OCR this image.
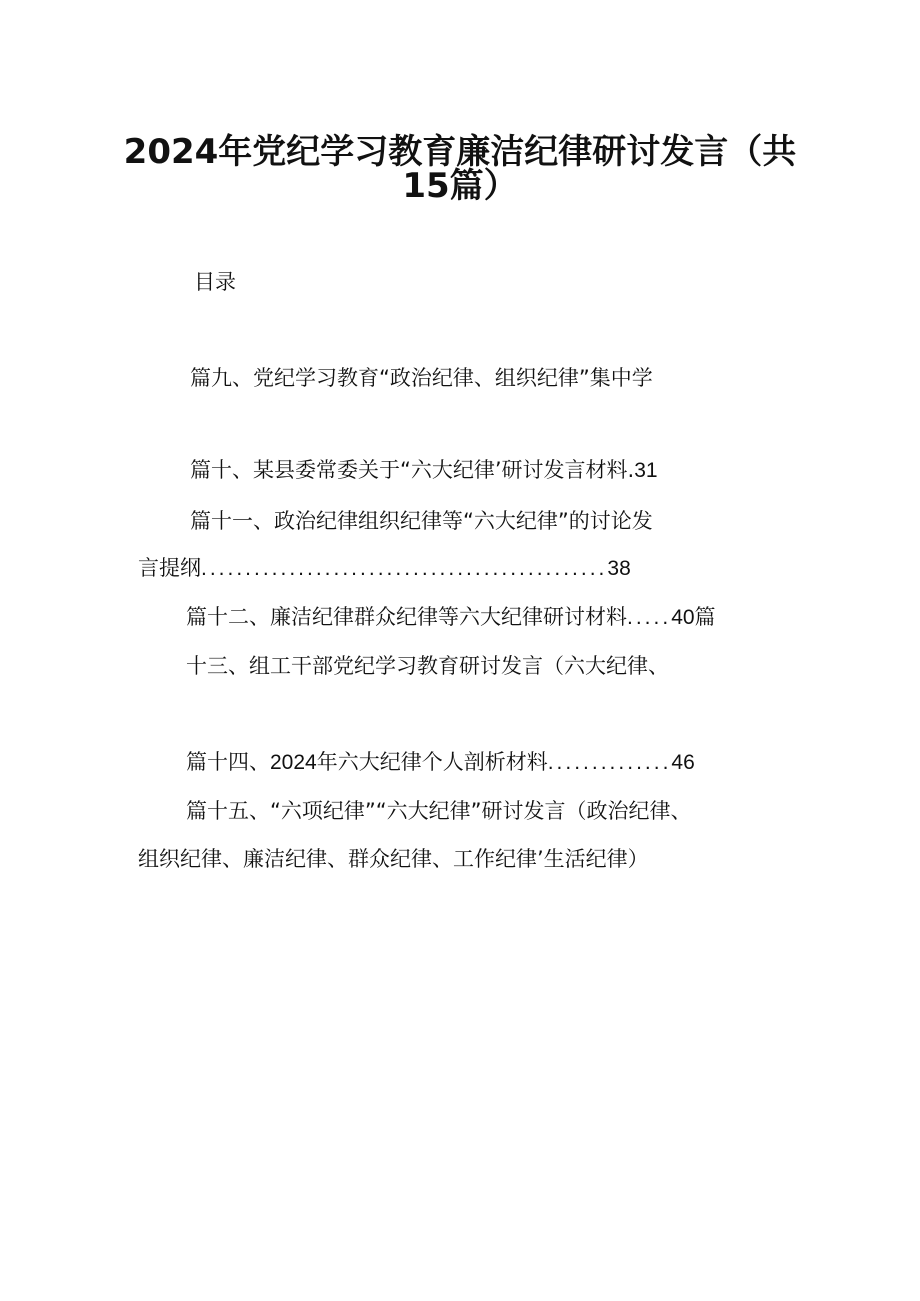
2024年党纪学习教育廉洁纪律研讨发言（共
15篇）
目录
篇九、党纪学习教育“政治纪律、组织纪律”集中学
篇十、某县委常委关于“六大纪律’研讨发言材料.31
篇十一、政治纪律组织纪律等“六大纪律”的讨论发
言提纲..............................................38
篇十二、廉洁纪律群众纪律等六大纪律研讨材料.....40篇
十三、组工干部党纪学习教育研讨发言（六大纪律、
篇十四、2024年六大纪律个人剖析材料..............46
篇十五、“六项纪律”“六大纪律”研讨发言（政治纪律、
组织纪律、廉洁纪律、群众纪律、工作纪律’生活纪律）
